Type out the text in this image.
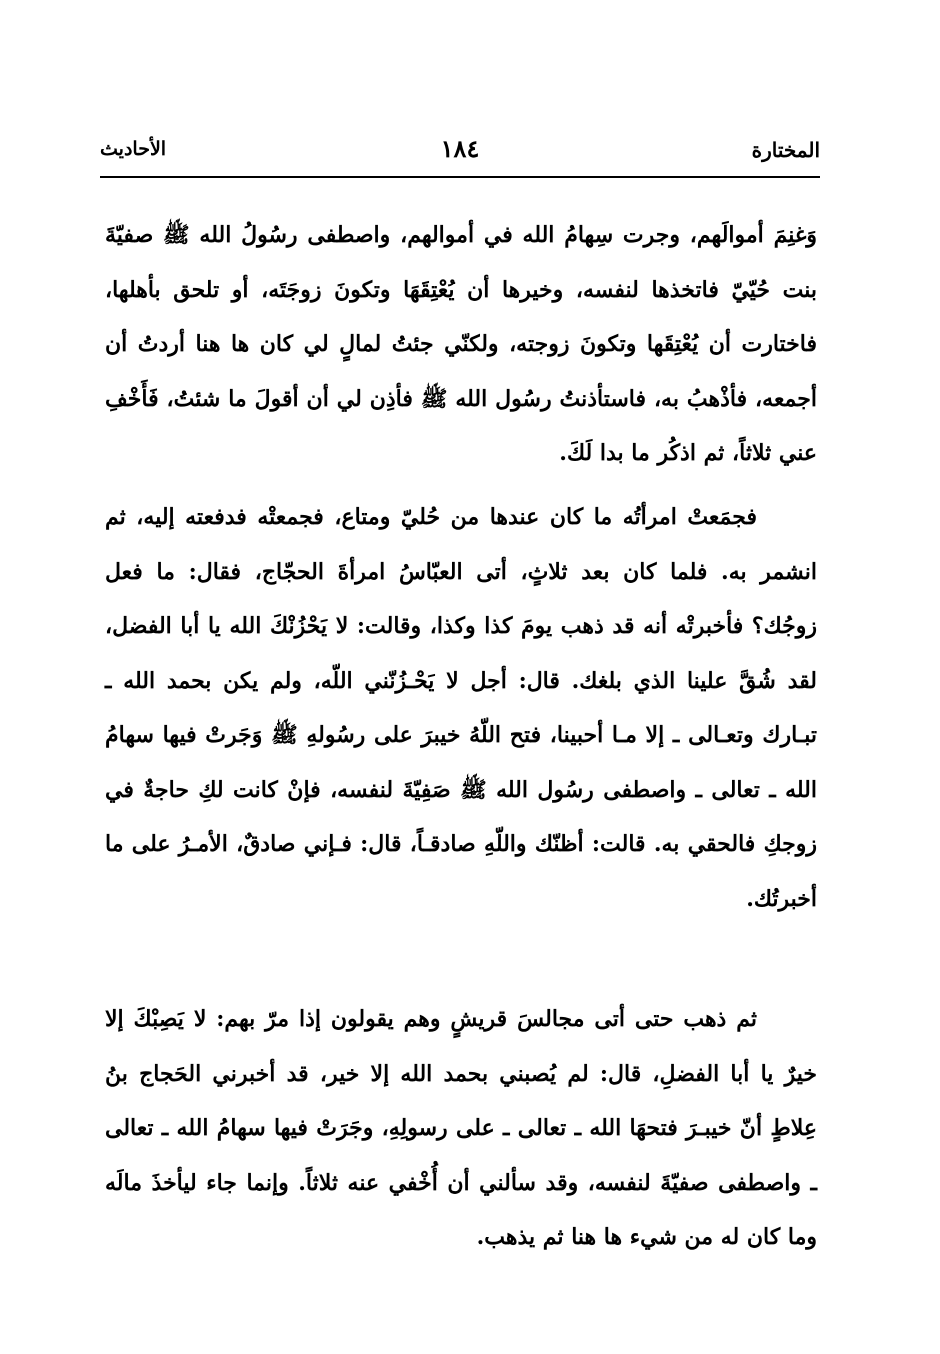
المختارة
١٨٤
الأحاديث

وَغنِمَ أموالَهم، وجرت سِهامُ الله في أموالهم، واصطفى رسُولُ الله ﷺ صفيّةَ بنت حُيّيّ فاتخذها لنفسه، وخيرها أن يُعْتِقَهَا وتكونَ زوجَتَه، أو تلحق بأهلها، فاختارت أن يُعْتِقَها وتكونَ زوجته، ولكنّي جئتُ لمالٍ لي كان ها هنا أردتُ أن أجمعه، فأذْهبُ به، فاستأذنتُ رسُول الله ﷺ فأذِن لي أن أقولَ ما شئتُ، فَأَخْفِ عني ثلاثاً، ثم اذكُر ما بدا لَكَ.

فجمَعتْ امرأتُه ما كان عندها من حُليّ ومتاع، فجمعتْه فدفعته إليه، ثم انشمر به. فلما كان بعد ثلاثٍ، أتى العبّاسُ امرأةَ الحجّاج، فقال: ما فعل زوجُك؟ فأخبرتْه أنه قد ذهب يومَ كذا وكذا، وقالت: لا يَحْزُنْكَ الله يا أبا الفضل، لقد شُقَّ علينا الذي بلغك. قال: أجل لا يَحْـزُنّني اللّه، ولم يكن بحمد الله ـ تبـارك وتعـالى ـ إلا مـا أحبينا، فتح اللّهُ خيبرَ على رسُولهِ ﷺ وَجَرتْ فيها سهامُ الله ـ تعالى ـ واصطفى رسُول الله ﷺ صَفِيّةَ لنفسه، فإنْ كانت لكِ حاجةٌ في زوجكِ فالحقي به. قالت: أظنّك واللّهِ صادقـاً، قال: فـإني صادقٌ، الأمـرُ على ما أخبرتُك.

ثم ذهب حتى أتى مجالسَ قريشٍ وهم يقولون إذا مرّ بهم: لا يَصِبْكَ إلا خيرٌ يا أبا الفضلِ، قال: لم يُصبني بحمد الله إلا خير، قد أخبرني الحَجاج بنُ عِلاطٍ أنّ خيبـرَ فتحهَا الله ـ تعالى ـ على رسولِهِ، وجَرَتْ فيها سهامُ الله ـ تعالى ـ واصطفى صفيّةَ لنفسه، وقد سألني أن أُخْفي عنه ثلاثاً. وإنما جاء ليأخذَ مالَه وما كان له من شيء ها هنا ثم يذهب.
